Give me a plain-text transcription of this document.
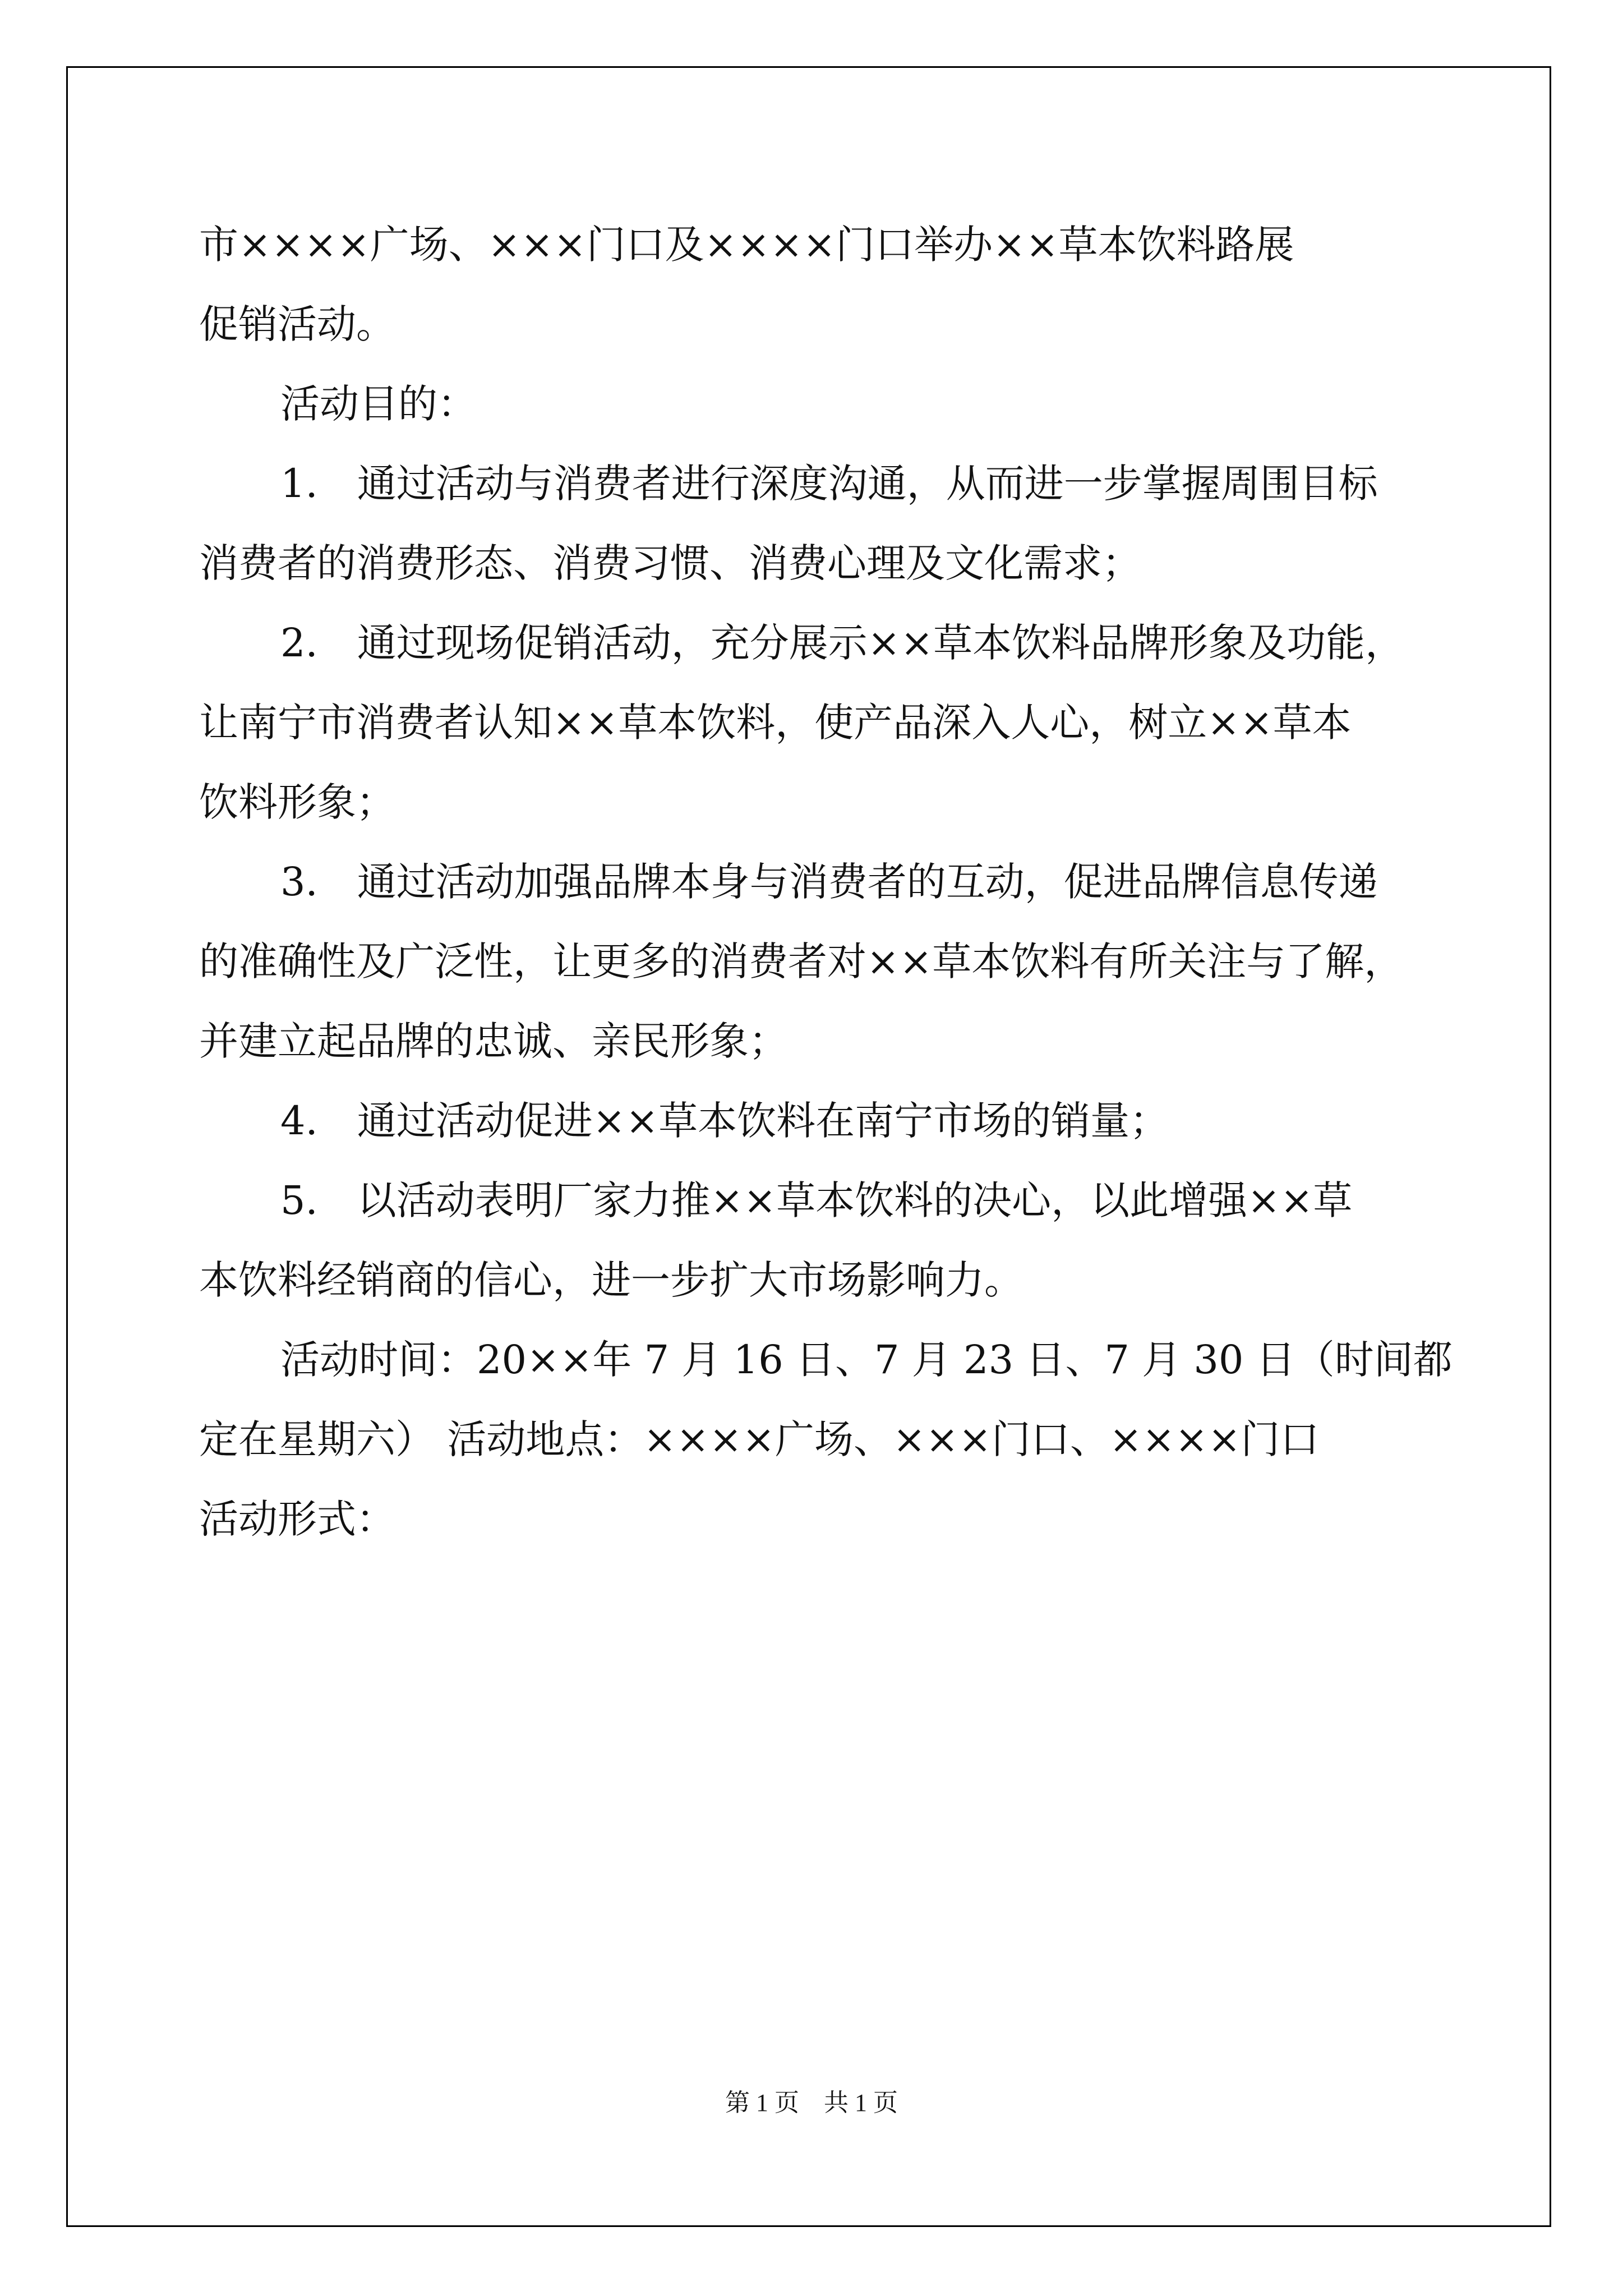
市××××广场、×××门口及××××门口举办××草本饮料路展
促销活动。
活动目的：
1.　通过活动与消费者进行深度沟通，从而进一步掌握周围目标
消费者的消费形态、消费习惯、消费心理及文化需求；
2.　通过现场促销活动，充分展示××草本饮料品牌形象及功能，
让南宁市消费者认知××草本饮料，使产品深入人心，树立××草本
饮料形象；
3.　通过活动加强品牌本身与消费者的互动，促进品牌信息传递
的准确性及广泛性，让更多的消费者对××草本饮料有所关注与了解，
并建立起品牌的忠诚、亲民形象；
4.　通过活动促进××草本饮料在南宁市场的销量；
5.　以活动表明厂家力推××草本饮料的决心，以此增强××草
本饮料经销商的信心，进一步扩大市场影响力。
活动时间：20××年 7 月 16 日、7 月 23 日、7 月 30 日（时间都
定在星期六） 活动地点：××××广场、×××门口、××××门口
活动形式：
第 1 页　共 1 页
